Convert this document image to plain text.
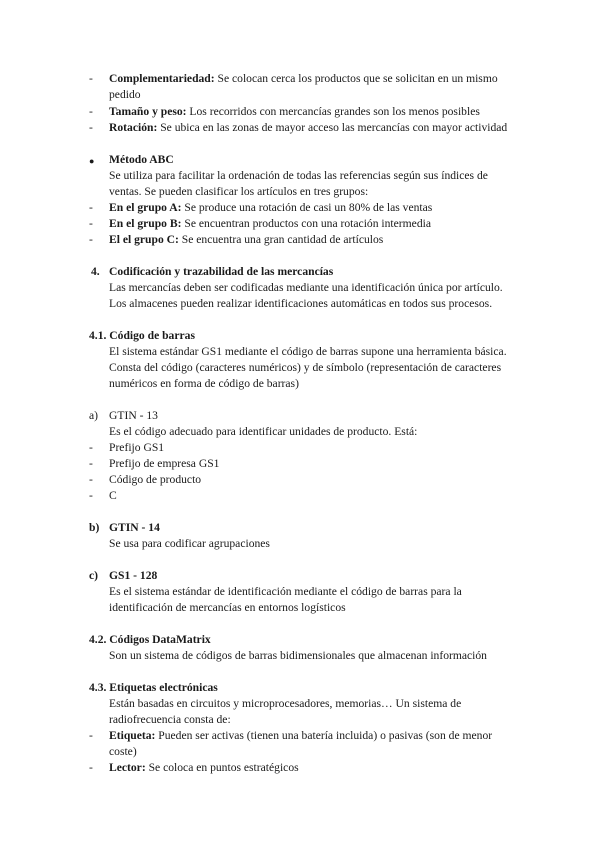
- Complementariedad: Se colocan cerca los productos que se solicitan en un mismo
pedido
- Tamaño y peso: Los recorridos con mercancías grandes son los menos posibles
- Rotación: Se ubica en las zonas de mayor acceso las mercancías con mayor actividad
● Método ABC
Se utiliza para facilitar la ordenación de todas las referencias según sus índices de
ventas. Se pueden clasificar los artículos en tres grupos:
- En el grupo A: Se produce una rotación de casi un 80% de las ventas
- En el grupo B: Se encuentran productos con una rotación intermedia
- El el grupo C: Se encuentra una gran cantidad de artículos
4. Codificación y trazabilidad de las mercancías
Las mercancías deben ser codificadas mediante una identificación única por artículo.
Los almacenes pueden realizar identificaciones automáticas en todos sus procesos.
4.1. Código de barras
El sistema estándar GS1 mediante el código de barras supone una herramienta básica.
Consta del código (caracteres numéricos) y de símbolo (representación de caracteres
numéricos en forma de código de barras)
a) GTIN - 13
Es el código adecuado para identificar unidades de producto. Está:
- Prefijo GS1
- Prefijo de empresa GS1
- Código de producto
- C
b) GTIN - 14
Se usa para codificar agrupaciones
c) GS1 - 128
Es el sistema estándar de identificación mediante el código de barras para la
identificación de mercancías en entornos logísticos
4.2. Códigos DataMatrix
Son un sistema de códigos de barras bidimensionales que almacenan información
4.3. Etiquetas electrónicas
Están basadas en circuitos y microprocesadores, memorias… Un sistema de
radiofrecuencia consta de:
- Etiqueta: Pueden ser activas (tienen una batería incluida) o pasivas (son de menor
coste)
- Lector: Se coloca en puntos estratégicos
